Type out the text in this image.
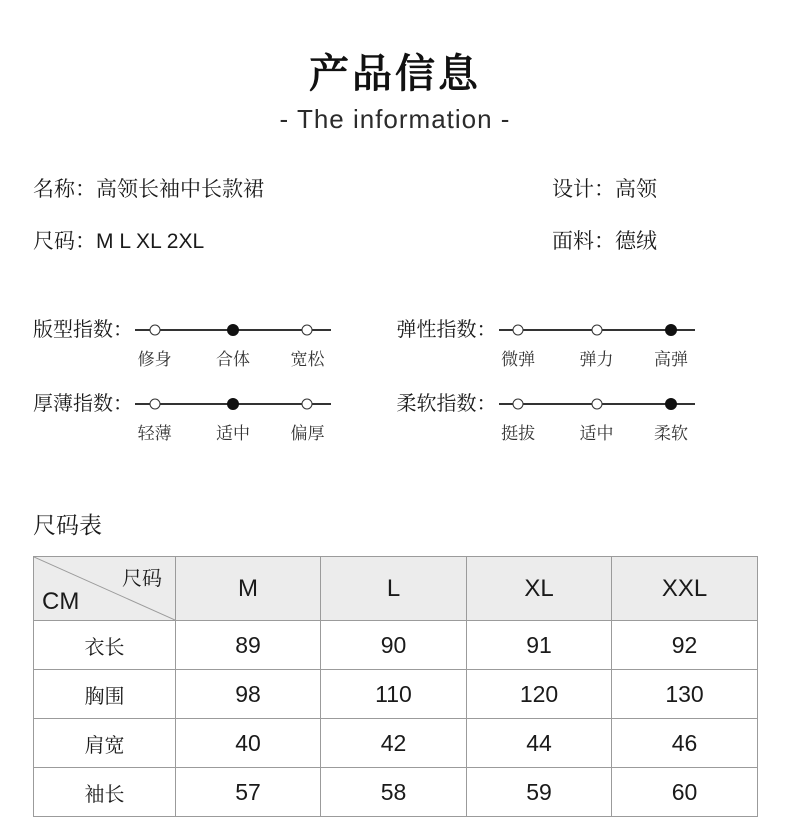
产品信息
- The information -
名称：高领长袖中长款裙
尺码：M L XL 2XL
设计：高领
面料：德绒
版型指数：
修身	合体 宽松
弹性指数：
微弹	弹力 高弹
厚薄指数：
轻薄	适中 偏厚
柔软指数：
挺拔	适中 柔软
尺码表
尺码
CM	M	L	XL	XXL
衣长	89	90	91	92
胸围	98	110	120	130
肩宽	40	42	44	46
袖长	57	58	59	60
